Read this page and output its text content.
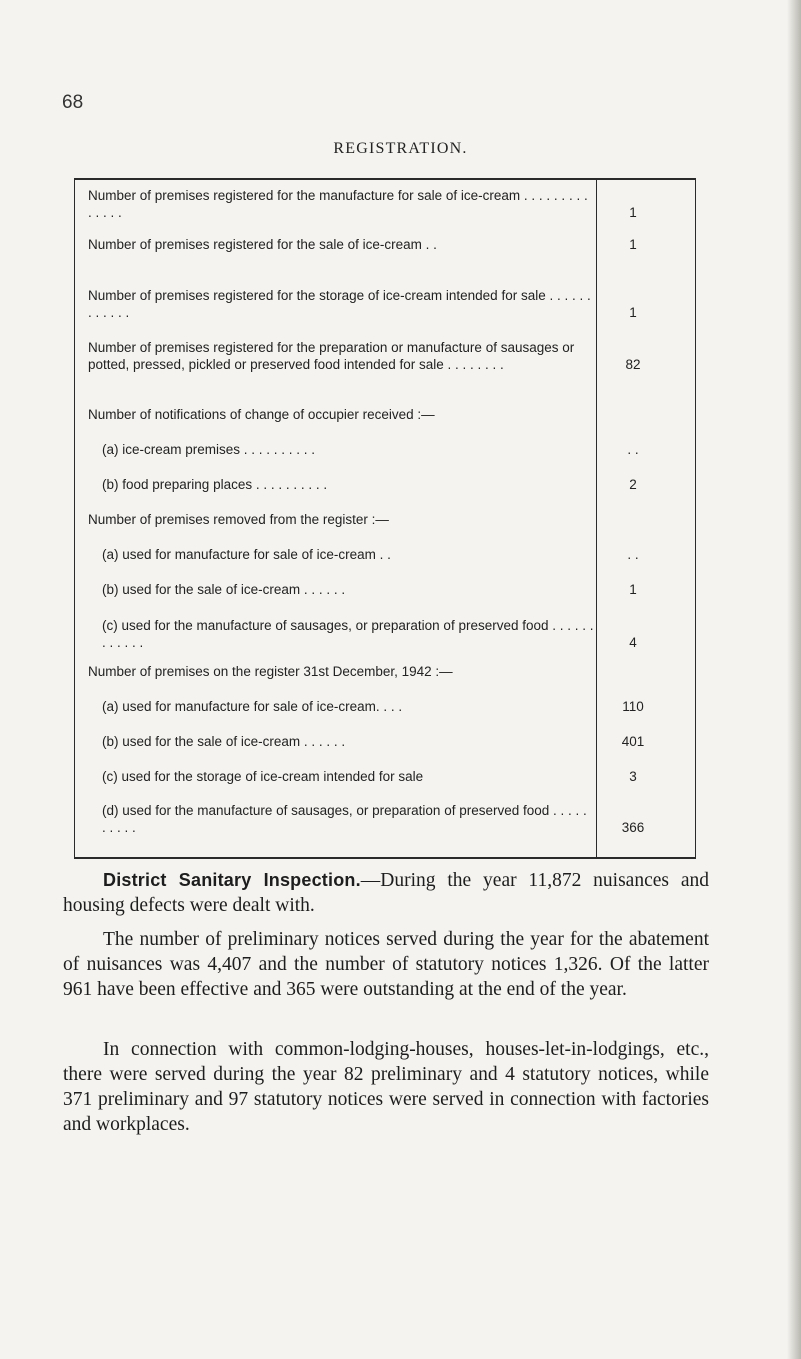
68
REGISTRATION.
Number of premises registered for the manufacture for sale of ice-cream . . . . . . . . . . . . . .	1
Number of premises registered for the sale of ice-cream . .	1
Number of premises registered for the storage of ice-cream intended for sale . . . . . . . . . . . .	1
Number of premises registered for the preparation or manufacture of sausages or potted, pressed, pickled or preserved food intended for sale . . . . . . . .	82
Number of notifications of change of occupier received :—
(a) ice-cream premises . . . . . . . . . .	. .
(b) food preparing places . . . . . . . . . .	2
Number of premises removed from the register :—
(a) used for manufacture for sale of ice-cream . .	. .
(b) used for the sale of ice-cream . . . . . .	1
(c) used for the manufacture of sausages, or preparation of preserved food . . . . . . . . . . . .	4
Number of premises on the register 31st December, 1942 :—
(a) used for manufacture for sale of ice-cream. . . .	110
(b) used for the sale of ice-cream . . . . . .	401
(c) used for the storage of ice-cream intended for sale	3
(d) used for the manufacture of sausages, or preparation of preserved food . . . . . . . . . .	366

District Sanitary Inspection.—During the year 11,872 nuisances and housing defects were dealt with.

The number of preliminary notices served during the year for the abatement of nuisances was 4,407 and the number of statutory notices 1,326. Of the latter 961 have been effective and 365 were outstanding at the end of the year.

In connection with common-lodging-houses, houses-let-in-lodgings, etc., there were served during the year 82 preliminary and 4 statutory notices, while 371 preliminary and 97 statutory notices were served in connection with factories and workplaces.
